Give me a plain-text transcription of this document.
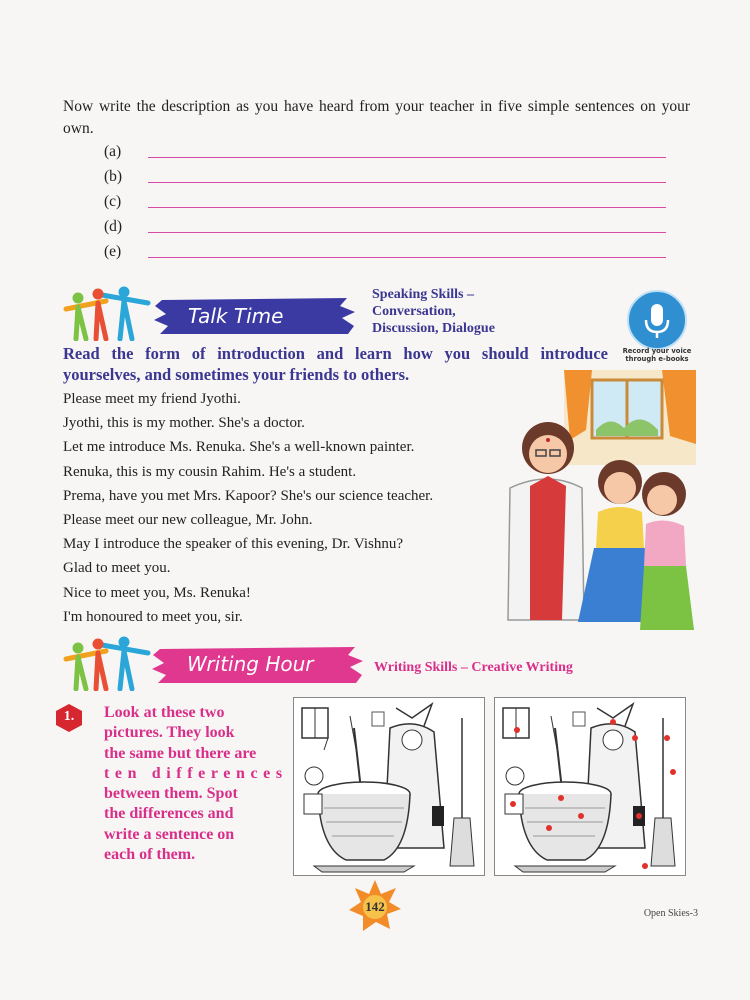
Now write the description as you have heard from your teacher in five simple sentences on your own.
(a)
(b)
(c)
(d)
(e)
Talk Time
Speaking Skills –
Conversation,
Discussion, Dialogue
Record your voice
through e-books
Read the form of introduction and learn how you should introduce yourselves, and sometimes your friends to others.
Please meet my friend Jyothi.
Jyothi, this is my mother. She's a doctor.
Let me introduce Ms. Renuka. She's a well-known painter.
Renuka, this is my cousin Rahim. He's a student.
Prema, have you met Mrs. Kapoor? She's our science teacher.
Please meet our new colleague, Mr. John.
May I introduce the speaker of this evening, Dr. Vishnu?
Glad to meet you.
Nice to meet you, Ms. Renuka!
I'm honoured to meet you, sir.
Writing Hour	Writing Skills – Creative Writing
1.	Look at these two
pictures. They look
the same but there are
ten differences
between them. Spot
the differences and
write a sentence on
each of them.
142	Open Skies-3
